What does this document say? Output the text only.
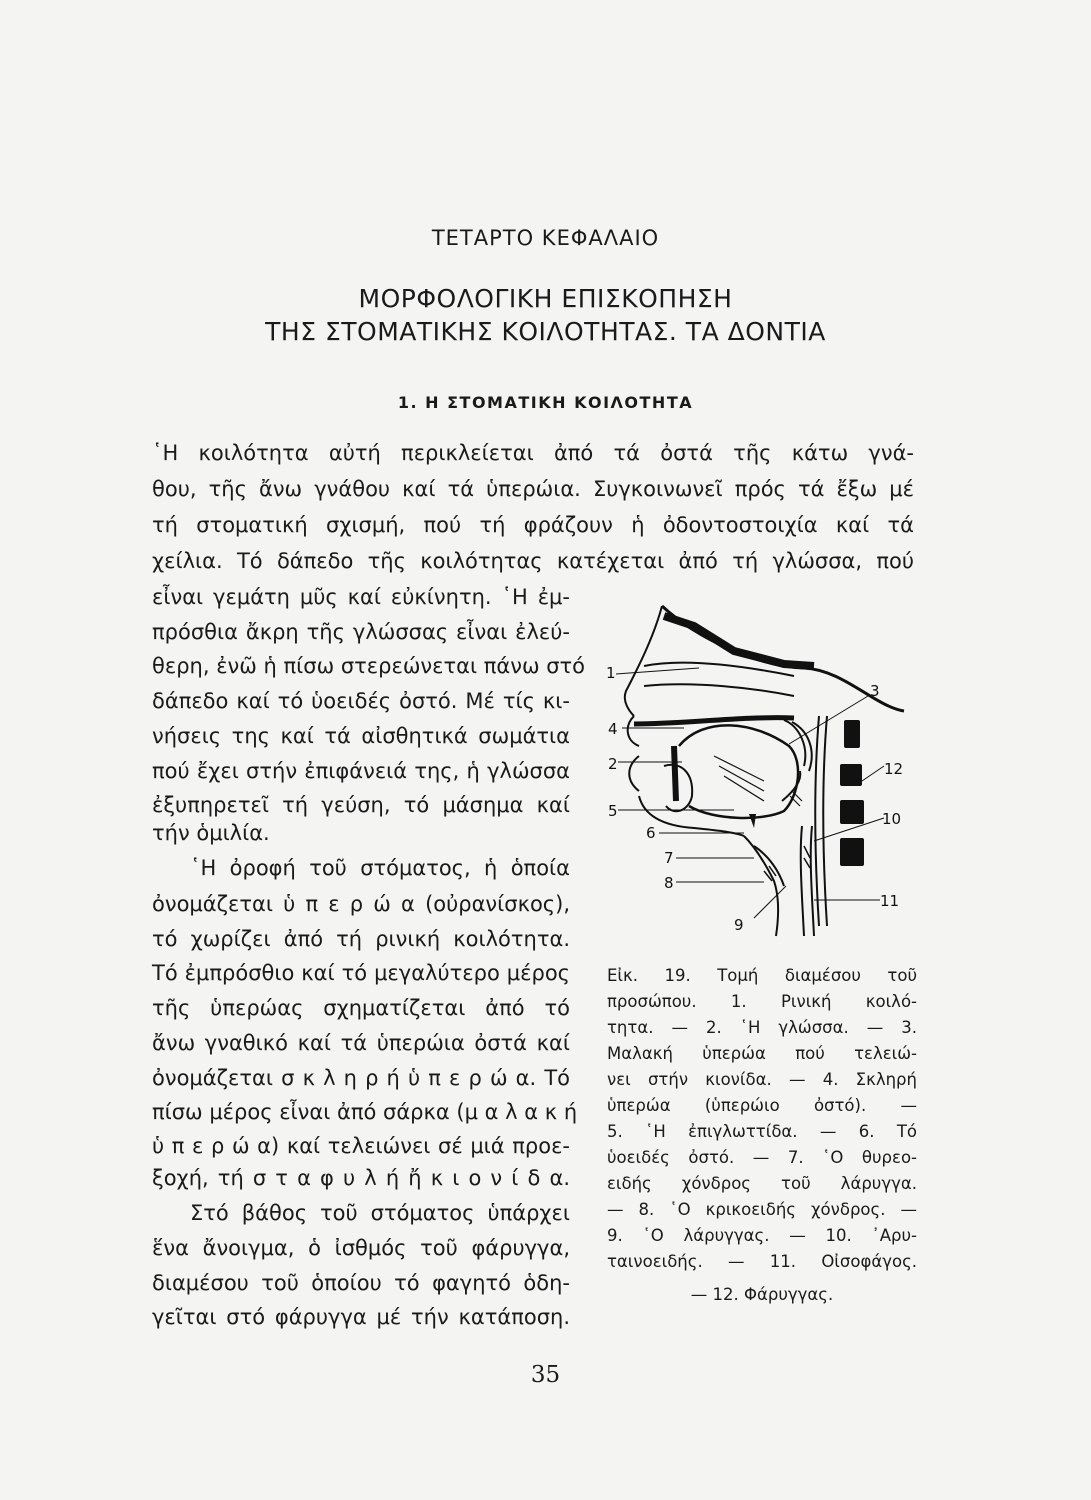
ΤΕΤΑΡΤΟ ΚΕΦΑΛΑΙΟ
ΜΟΡΦΟΛΟΓΙΚΗ ΕΠΙΣΚΟΠΗΣΗ
ΤΗΣ ΣΤΟΜΑΤΙΚΗΣ ΚΟΙΛΟΤΗΤΑΣ. ΤΑ ΔΟΝΤΙΑ
1. Η ΣΤΟΜΑΤΙΚΗ ΚΟΙΛΟΤΗΤΑ
῾Η κοιλότητα αὐτή περικλείεται ἀπό τά ὀστά τῆς κάτω γνά-
θου, τῆς ἄνω γνάθου καί τά ὑπερώια. Συγκοινωνεῖ πρός τά ἔξω μέ
τή στοματική σχισμή, πού τή φράζουν ἡ ὀδοντοστοιχία καί τά
χείλια. Τό δάπεδο τῆς κοιλότητας κατέχεται ἀπό τή γλώσσα, πού
εἶναι γεμάτη μῦς καί εὐκίνητη. ῾Η ἐμ-
πρόσθια ἄκρη τῆς γλώσσας εἶναι ἐλεύ-
θερη, ἐνῶ ἡ πίσω στερεώνεται πάνω στό
δάπεδο καί τό ὑοειδές ὀστό. Μέ τίς κι-
νήσεις της καί τά αἰσθητικά σωμάτια
πού ἔχει στήν ἐπιφάνειά της, ἡ γλώσσα
ἐξυπηρετεῖ τή γεύση, τό μάσημα καί
τήν ὁμιλία.
῾Η ὀροφή τοῦ στόματος, ἡ ὁποία
ὀνομάζεται ὑ π ε ρ ώ α (οὐρανίσκος),
τό χωρίζει ἀπό τή ρινική κοιλότητα.
Τό ἐμπρόσθιο καί τό μεγαλύτερο μέρος
τῆς ὑπερώας σχηματίζεται ἀπό τό
ἄνω γναθικό καί τά ὑπερώια ὀστά καί
ὀνομάζεται σ κ λ η ρ ή ὑ π ε ρ ώ α. Τό
πίσω μέρος εἶναι ἀπό σάρκα (μ α λ α κ ή
ὑ π ε ρ ώ α) καί τελειώνει σέ μιά προε-
ξοχή, τή σ τ α φ υ λ ή ἤ κ ι ο ν ί δ α.
Στό βάθος τοῦ στόματος ὑπάρχει
ἕνα ἄνοιγμα, ὁ ἰσθμός τοῦ φάρυγγα,
διαμέσου τοῦ ὁποίου τό φαγητό ὁδη-
γεῖται στό φάρυγγα μέ τήν κατάποση.
1
2
3
4
5
6
7
8
9
10
11
12
Εἰκ. 19. Τομή διαμέσου τοῦ
προσώπου. 1. Ρινική κοιλό-
τητα. — 2. ῾Η γλώσσα. — 3.
Μαλακή ὑπερώα πού τελειώ-
νει στήν κιονίδα. — 4. Σκληρή
ὑπερώα (ὑπερώιο ὀστό). —
5. ῾Η ἐπιγλωττίδα. — 6. Τό
ὑοειδές ὀστό. — 7. ῾Ο θυρεο-
ειδής χόνδρος τοῦ λάρυγγα.
— 8. ῾Ο κρικοειδής χόνδρος. —
9. ῾Ο λάρυγγας. — 10. ᾿Αρυ-
ταινοειδής. — 11. Οἰσοφάγος.
— 12. Φάρυγγας.
35
